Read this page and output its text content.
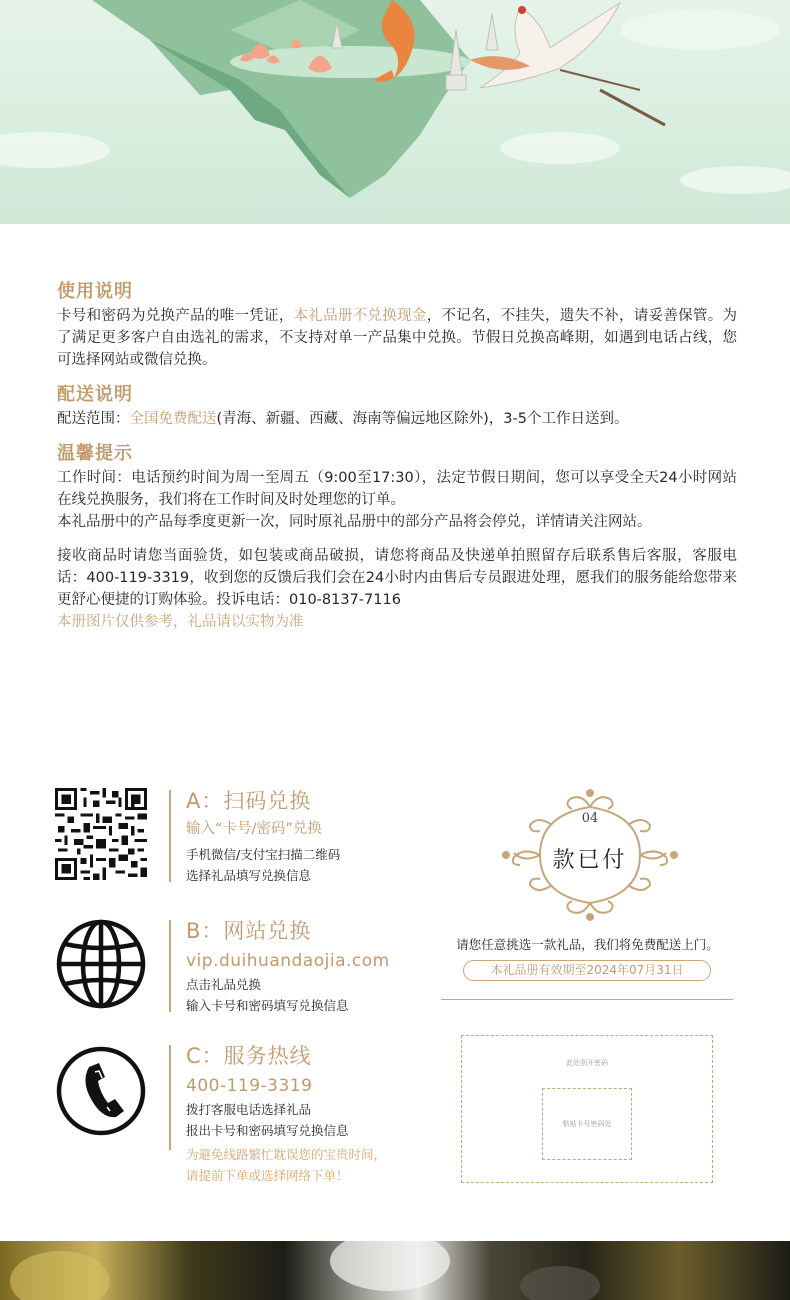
使用说明
卡号和密码为兑换产品的唯一凭证，本礼品册不兑换现金，不记名，不挂失，遗失不补，请妥善保管。为了满足更多客户自由选礼的需求，不支持对单一产品集中兑换。节假日兑换高峰期，如遇到电话占线，您可选择网站或微信兑换。
配送说明
配送范围：全国免费配送(青海、新疆、西藏、海南等偏远地区除外)，3-5个工作日送到。
温馨提示
工作时间：电话预约时间为周一至周五（9:00至17:30），法定节假日期间，您可以享受全天24小时网站在线兑换服务，我们将在工作时间及时处理您的订单。
本礼品册中的产品每季度更新一次，同时原礼品册中的部分产品将会停兑，详情请关注网站。
接收商品时请您当面验货，如包装或商品破损，请您将商品及快递单拍照留存后联系售后客服，客服电话：400-119-3319，收到您的反馈后我们会在24小时内由售后专员跟进处理，愿我们的服务能给您带来更舒心便捷的订购体验。投诉电话：010-8137-7116
本册图片仅供参考，礼品请以实物为准
A：扫码兑换
输入“卡号/密码”兑换
手机微信/支付宝扫描二维码
选择礼品填写兑换信息
B：网站兑换
vip.duihuandaojia.com
点击礼品兑换
输入卡号和密码填写兑换信息
C：服务热线
400-119-3319
拨打客服电话选择礼品
报出卡号和密码填写兑换信息
为避免线路繁忙耽误您的宝贵时间，
请提前下单或选择网络下单！
04
款已付
请您任意挑选一款礼品，我们将免费配送上门。
本礼品册有效期至2024年07月31日
此处刮开密码
粘贴卡号密码处
